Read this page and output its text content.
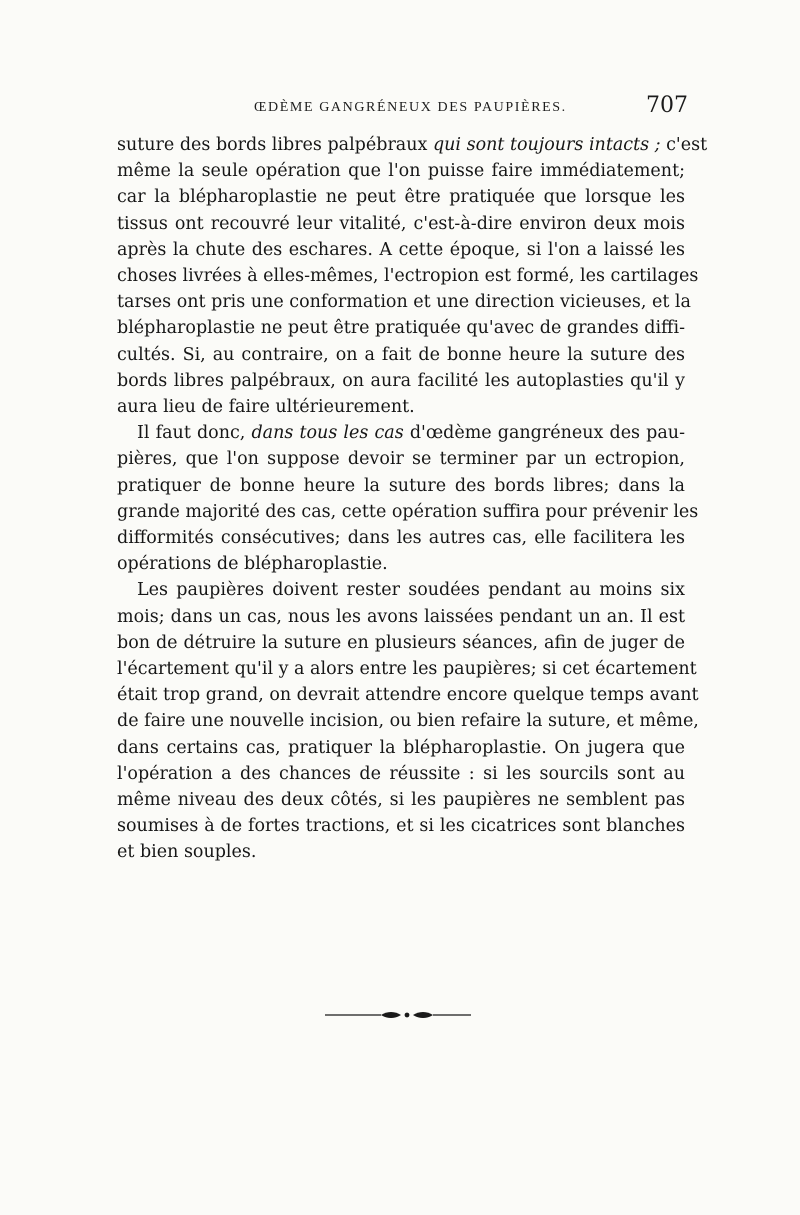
ŒDÈME GANGRÉNEUX DES PAUPIÈRES.	707
suture des bords libres palpébraux qui sont toujours intacts ; c'est
même la seule opération que l'on puisse faire immédiatement;
car la blépharoplastie ne peut être pratiquée que lorsque les
tissus ont recouvré leur vitalité, c'est-à-dire environ deux mois
après la chute des eschares. A cette époque, si l'on a laissé les
choses livrées à elles-mêmes, l'ectropion est formé, les cartilages
tarses ont pris une conformation et une direction vicieuses, et la
blépharoplastie ne peut être pratiquée qu'avec de grandes diffi-
cultés. Si, au contraire, on a fait de bonne heure la suture des
bords libres palpébraux, on aura facilité les autoplasties qu'il y
aura lieu de faire ultérieurement.
Il faut donc, dans tous les cas d'œdème gangréneux des pau-
pières, que l'on suppose devoir se terminer par un ectropion,
pratiquer de bonne heure la suture des bords libres; dans la
grande majorité des cas, cette opération suffira pour prévenir les
difformités consécutives; dans les autres cas, elle facilitera les
opérations de blépharoplastie.
Les paupières doivent rester soudées pendant au moins six
mois; dans un cas, nous les avons laissées pendant un an. Il est
bon de détruire la suture en plusieurs séances, afin de juger de
l'écartement qu'il y a alors entre les paupières; si cet écartement
était trop grand, on devrait attendre encore quelque temps avant
de faire une nouvelle incision, ou bien refaire la suture, et même,
dans certains cas, pratiquer la blépharoplastie. On jugera que
l'opération a des chances de réussite : si les sourcils sont au
même niveau des deux côtés, si les paupières ne semblent pas
soumises à de fortes tractions, et si les cicatrices sont blanches
et bien souples.
